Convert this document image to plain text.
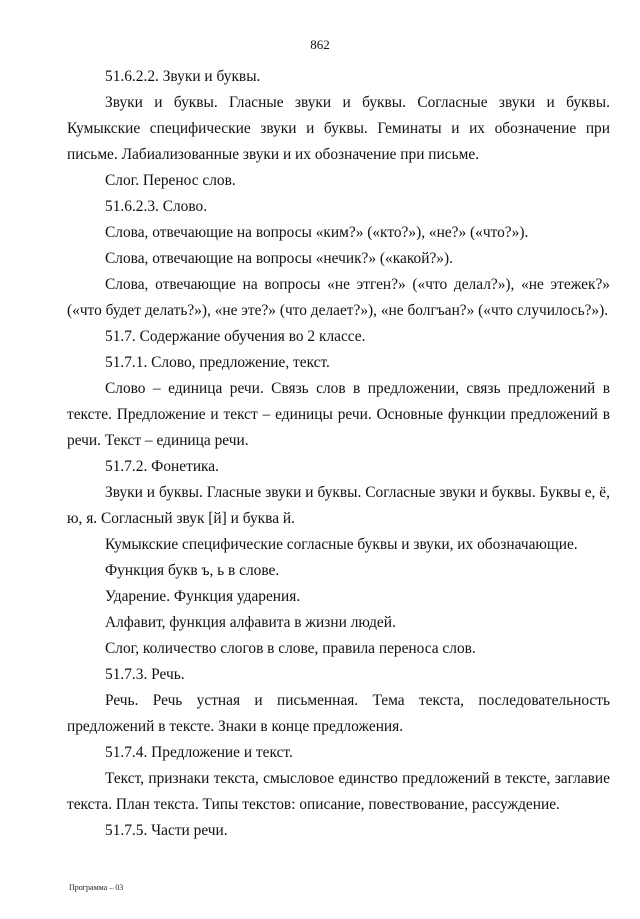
862

51.6.2.2. Звуки и буквы.

Звуки и буквы. Гласные звуки и буквы. Согласные звуки и буквы. Кумыкские специфические звуки и буквы. Геминаты и их обозначение при письме. Лабиализованные звуки и их обозначение при письме.

Слог. Перенос слов.

51.6.2.3. Слово.

Слова, отвечающие на вопросы «ким?» («кто?»), «не?» («что?»).

Слова, отвечающие на вопросы «нечик?» («какой?»).

Слова, отвечающие на вопросы «не этген?» («что делал?»), «не этежек?» («что будет делать?»), «не эте?» (что делает?»), «не болгъан?» («что случилось?»).

51.7. Содержание обучения во 2 классе.

51.7.1. Слово, предложение, текст.

Слово – единица речи. Связь слов в предложении, связь предложений в тексте. Предложение и текст – единицы речи. Основные функции предложений в речи. Текст – единица речи.

51.7.2. Фонетика.

Звуки и буквы. Гласные звуки и буквы. Согласные звуки и буквы. Буквы е, ё, ю, я. Согласный звук [й] и буква й.

Кумыкские специфические согласные буквы и звуки, их обозначающие.

Функция букв ъ, ь в слове.

Ударение. Функция ударения.

Алфавит, функция алфавита в жизни людей.

Слог, количество слогов в слове, правила переноса слов.

51.7.3. Речь.

Речь. Речь устная и письменная. Тема текста, последовательность предложений в тексте. Знаки в конце предложения.

51.7.4. Предложение и текст.

Текст, признаки текста, смысловое единство предложений в тексте, заглавие текста. План текста. Типы текстов: описание, повествование, рассуждение.

51.7.5. Части речи.

Программа – 03
